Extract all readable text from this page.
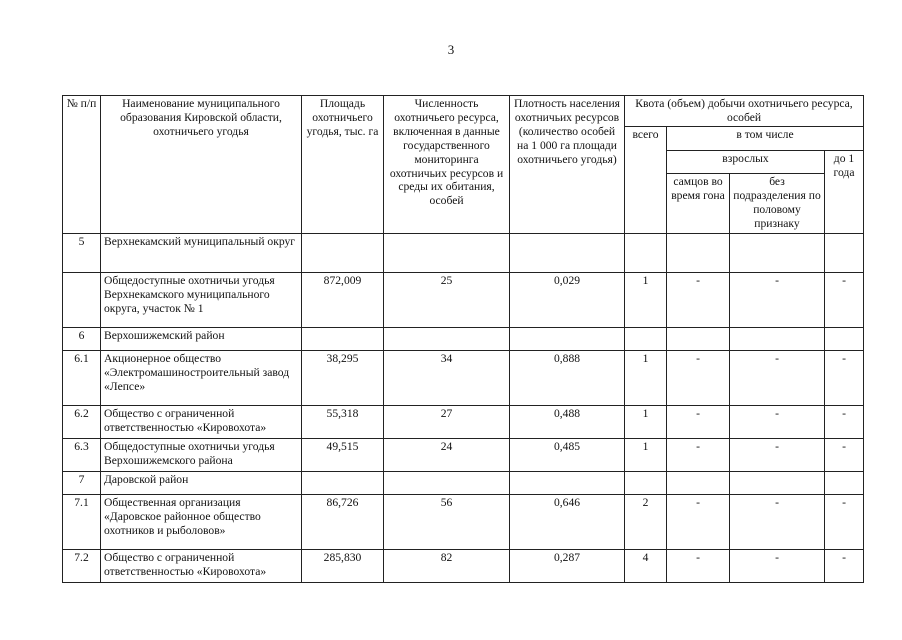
3
№ п/п	Наименование муниципального образования Кировской области, охотничьего угодья	Площадь охотничьего угодья, тыс. га	Численность охотничьего ресурса, включенная в данные государственного мониторинга охотничьих ресурсов и среды их обитания, особей	Плотность населения охотничьих ресурсов (количество особей на 1 000 га площади охотничьего угодья)	Квота (объем) добычи охотничьего ресурса, особей			
					всего	в том числе		
						взрослых		до 1 года
						самцов во время гона	без подразделения по половому признаку	
5	Верхнекамский муниципальный округ							
	Общедоступные охотничьи угодья Верхнекамского муниципального округа, участок № 1	872,009	25	0,029	1	-	-	-
6	Верхошижемский район							
6.1	Акционерное общество «Электромашиностроительный завод «Лепсе»	38,295	34	0,888	1	-	-	-
6.2	Общество с ограниченной ответственностью «Кировохота»	55,318	27	0,488	1	-	-	-
6.3	Общедоступные охотничьи угодья Верхошижемского района	49,515	24	0,485	1	-	-	-
7	Даровской район							
7.1	Общественная организация «Даровское районное общество охотников и рыболовов»	86,726	56	0,646	2	-	-	-
7.2	Общество с ограниченной ответственностью «Кировохота»	285,830	82	0,287	4	-	-	-
